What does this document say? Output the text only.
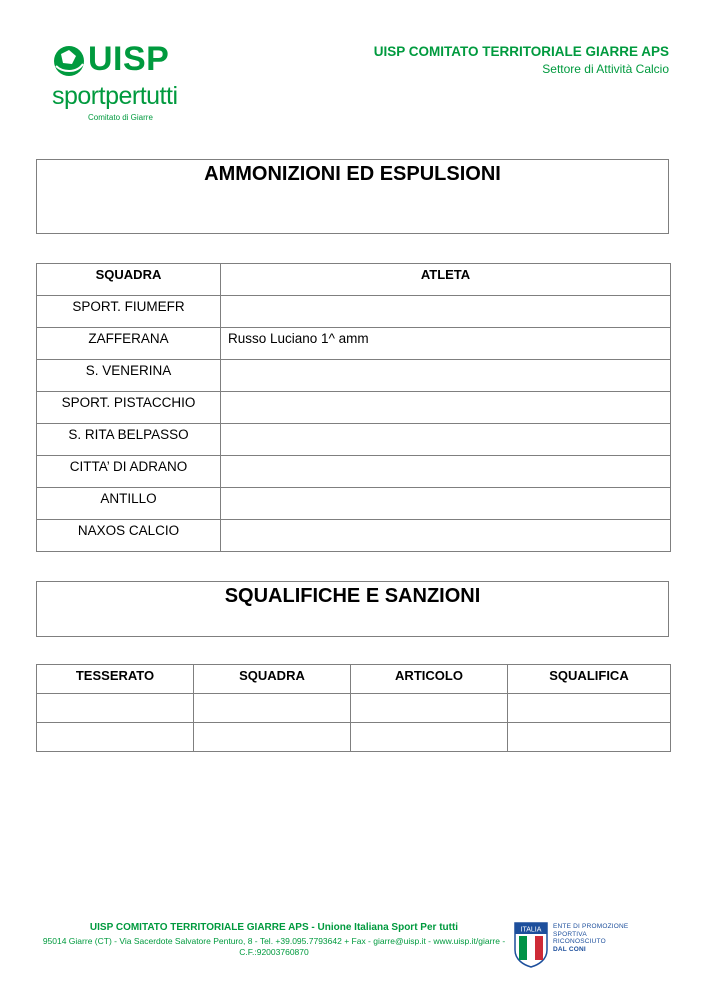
UISP
sportpertutti
Comitato di Giarre
UISP COMITATO TERRITORIALE GIARRE APS
Settore di Attività Calcio
AMMONIZIONI ED ESPULSIONI
SQUADRA	ATLETA
SPORT. FIUMEFR	
ZAFFERANA	Russo Luciano 1^ amm
S. VENERINA	
SPORT. PISTACCHIO	
S. RITA BELPASSO	
CITTA’ DI ADRANO	
ANTILLO	
NAXOS CALCIO	
SQUALIFICHE E SANZIONI
TESSERATO	SQUADRA	ARTICOLO	SQUALIFICA

UISP COMITATO TERRITORIALE GIARRE APS - Unione Italiana Sport Per tutti
95014 Giarre (CT) - Via Sacerdote Salvatore Penturo, 8 - Tel. +39.095.7793642 + Fax - giarre@uisp.it - www.uisp.it/giarre -
C.F.:92003760870
ITALIA ENTE DI PROMOZIONE
SPORTIVA
RICONOSCIUTO
DAL CONI
